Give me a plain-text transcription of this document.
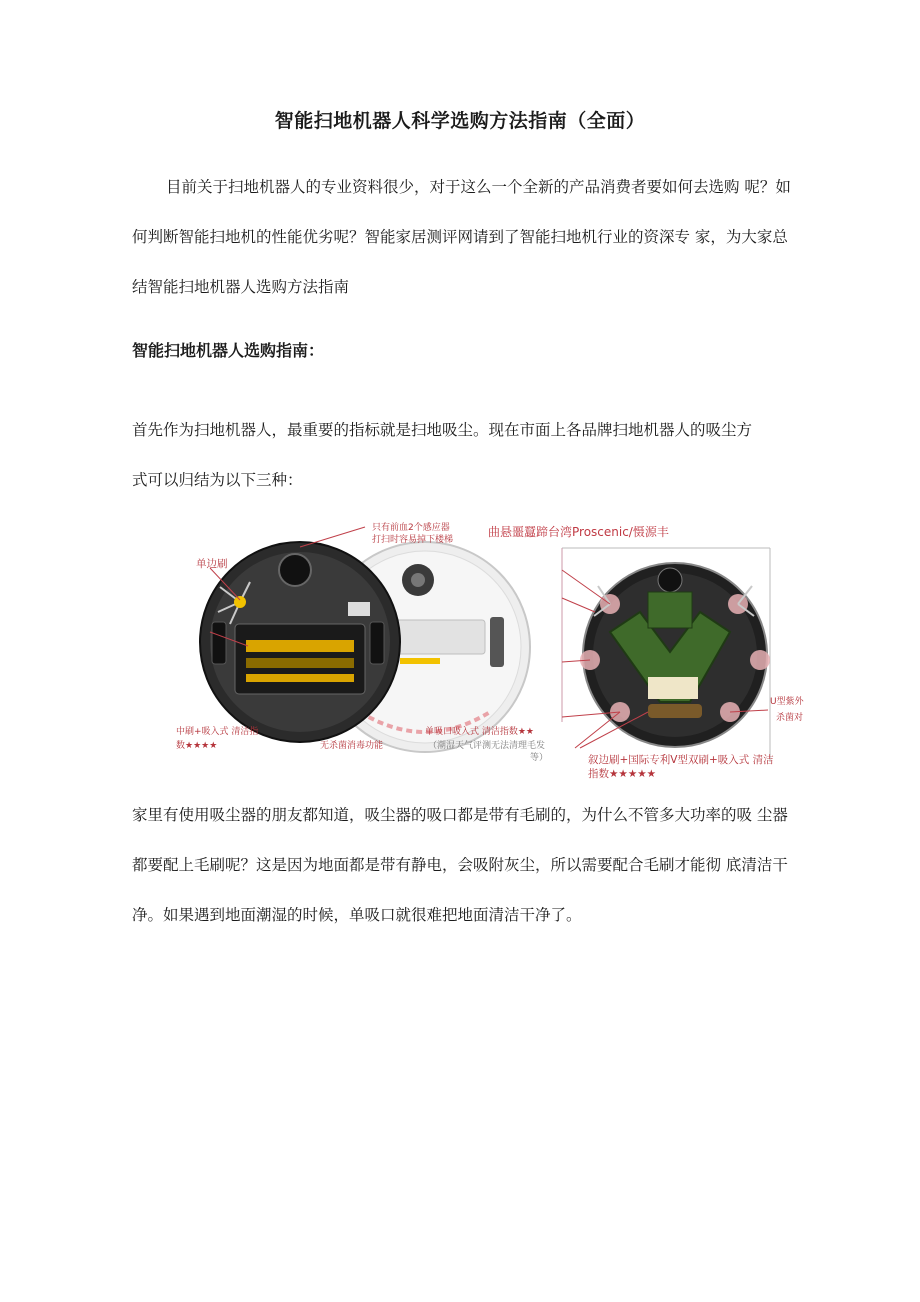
智能扫地机器人科学选购方法指南（全面）

目前关于扫地机器人的专业资料很少，对于这么一个全新的产品消费者要如何去选购 呢？如何判断智能扫地机的性能优劣呢？智能家居测评网请到了智能扫地机行业的资深专 家，为大家总结智能扫地机器人选购方法指南

智能扫地机器人选购指南：

首先作为扫地机器人，最重要的指标就是扫地吸尘。现在市面上各品牌扫地机器人的吸尘方
式可以归结为以下三种：

只有前血2个感应器
打扫时容易掉下楼梯
单边刷
中刷+吸入式 清洁指
数★★★★	无杀菌消毒功能
单吸口吸入式 清洁指数★★
（潮湿天气评测无法清理毛发
等）
曲悬噩蠶蹄台湾Proscenic/慑源丰
U型紫外
杀菌对
叙边刷+国际专利V型双刷+吸入式 清洁
指数★★★★★

家里有使用吸尘器的朋友都知道，吸尘器的吸口都是带有毛刷的，为什么不管多大功率的吸 尘器都要配上毛刷呢？这是因为地面都是带有静电，会吸附灰尘，所以需要配合毛刷才能彻 底清洁干净。如果遇到地面潮湿的时候，单吸口就很难把地面清洁干净了。
